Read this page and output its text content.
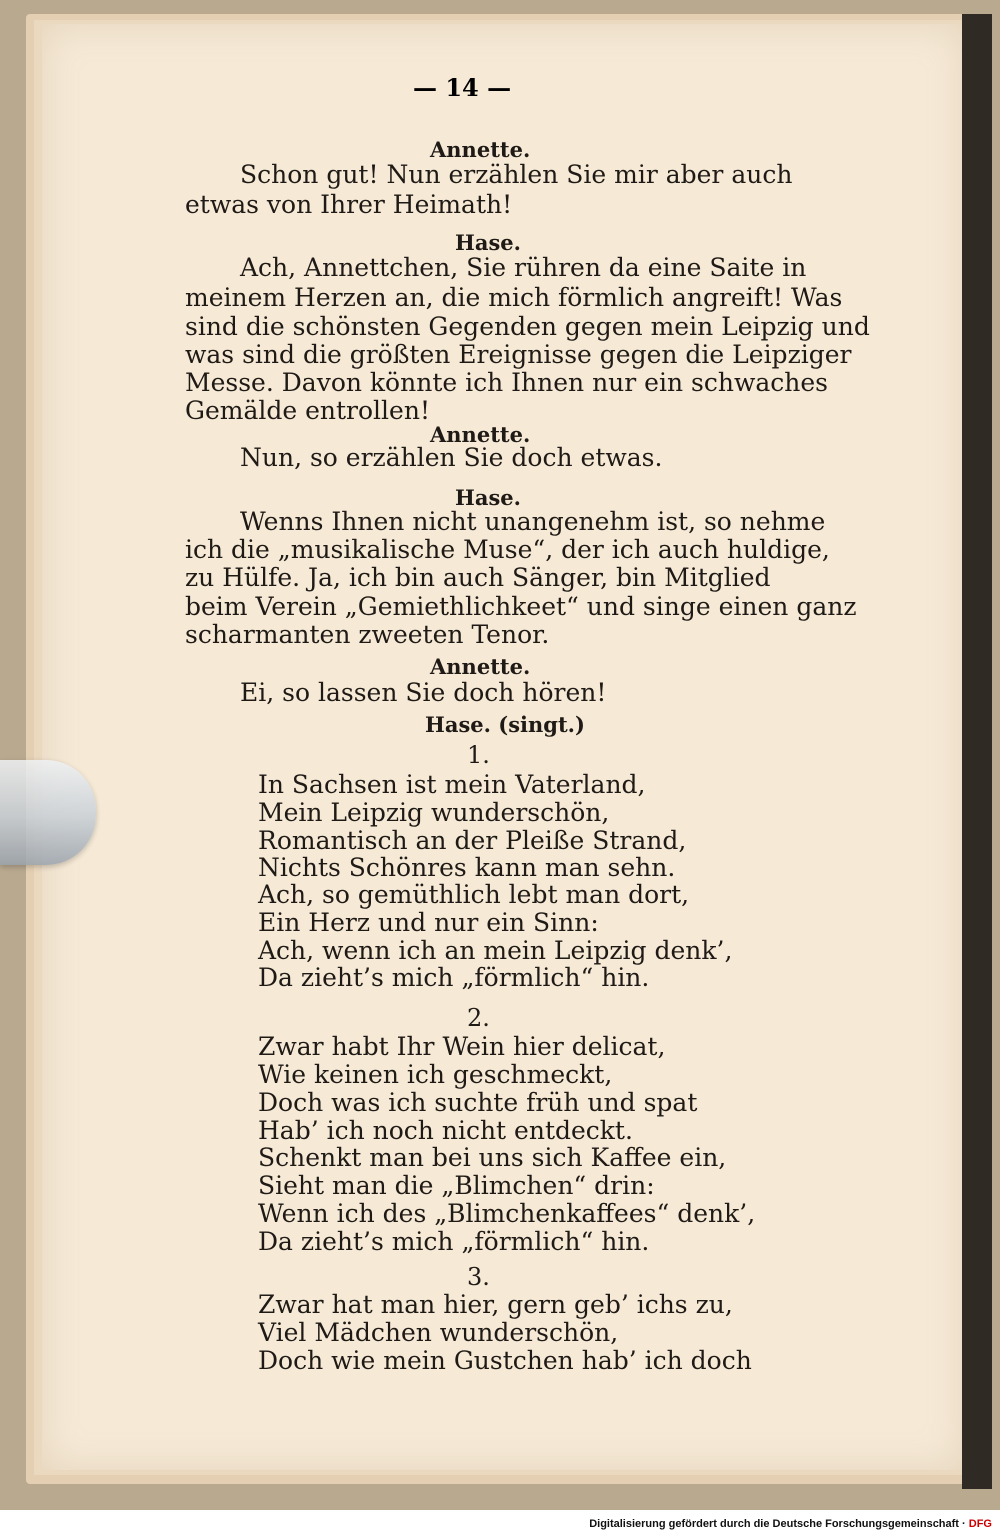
— 14 —
Annette.
Schon gut! Nun erzählen Sie mir aber auch
etwas von Ihrer Heimath!
Hase.
Ach, Annettchen, Sie rühren da eine Saite in
meinem Herzen an, die mich förmlich angreift! Was
sind die schönsten Gegenden gegen mein Leipzig und
was sind die größten Ereignisse gegen die Leipziger
Messe. Davon könnte ich Ihnen nur ein schwaches
Gemälde entrollen!
Annette.
Nun, so erzählen Sie doch etwas.
Hase.
Wenns Ihnen nicht unangenehm ist, so nehme
ich die „musikalische Muse“, der ich auch huldige,
zu Hülfe. Ja, ich bin auch Sänger, bin Mitglied
beim Verein „Gemiethlichkeet“ und singe einen ganz
scharmanten zweeten Tenor.
Annette.
Ei, so lassen Sie doch hören!
Hase. (singt.)
1.
In Sachsen ist mein Vaterland,
Mein Leipzig wunderschön,
Romantisch an der Pleiße Strand,
Nichts Schönres kann man sehn.
Ach, so gemüthlich lebt man dort,
Ein Herz und nur ein Sinn:
Ach, wenn ich an mein Leipzig denk’,
Da zieht’s mich „förmlich“ hin.
2.
Zwar habt Ihr Wein hier delicat,
Wie keinen ich geschmeckt,
Doch was ich suchte früh und spat
Hab’ ich noch nicht entdeckt.
Schenkt man bei uns sich Kaffee ein,
Sieht man die „Blimchen“ drin:
Wenn ich des „Blimchenkaffees“ denk’,
Da zieht’s mich „förmlich“ hin.
3.
Zwar hat man hier, gern geb’ ichs zu,
Viel Mädchen wunderschön,
Doch wie mein Gustchen hab’ ich doch
Digitalisierung gefördert durch die Deutsche Forschungsgemeinschaft · DFG
